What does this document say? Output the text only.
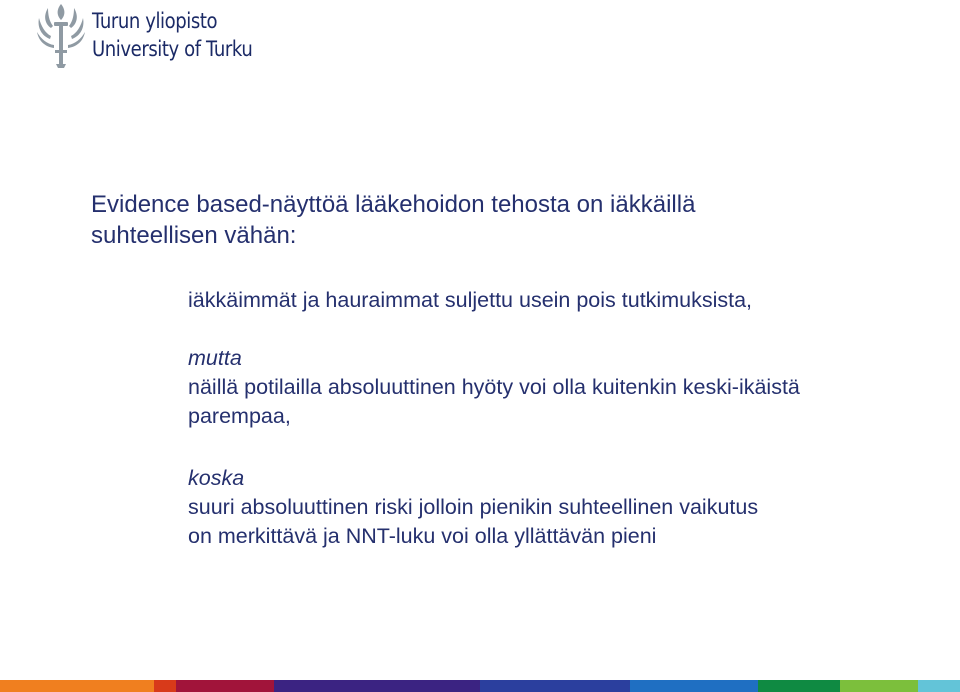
Turun yliopisto
University of Turku
Evidence based-näyttöä lääkehoidon tehosta on iäkkäillä
suhteellisen vähän:
iäkkäimmät ja hauraimmat suljettu usein pois tutkimuksista,
mutta
näillä potilailla absoluuttinen hyöty voi olla kuitenkin keski-ikäistä
parempaa,
koska
suuri absoluuttinen riski jolloin pienikin suhteellinen vaikutus
on merkittävä ja NNT-luku voi olla yllättävän pieni
